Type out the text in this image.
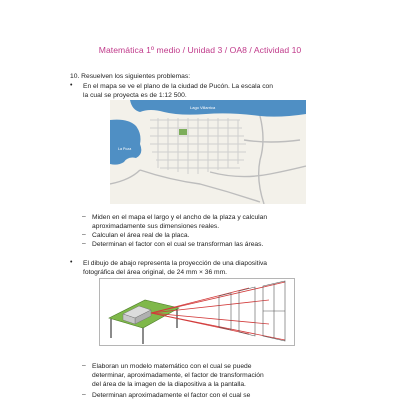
Matemática 1º medio / Unidad 3 / OA8 / Actividad 10
10. Resuelven los siguientes problemas:
• En el mapa se ve el plano de la ciudad de Pucón. La escala con
la cual se proyecta es de 1:12 500.
Lago Villarrica
La Poza
– Miden en el mapa el largo y el ancho de la plaza y calculan
aproximadamente sus dimensiones reales.
– Calculan el área real de la placa.
– Determinan el factor con el cual se transforman las áreas.
• El dibujo de abajo representa la proyección de una diapositiva
fotográfica del área original, de 24 mm × 36 mm.
– Elaboran un modelo matemático con el cual se puede
determinar, aproximadamente, el factor de transformación
del área de la imagen de la diapositiva a la pantalla.
– Determinan aproximadamente el factor con el cual se
